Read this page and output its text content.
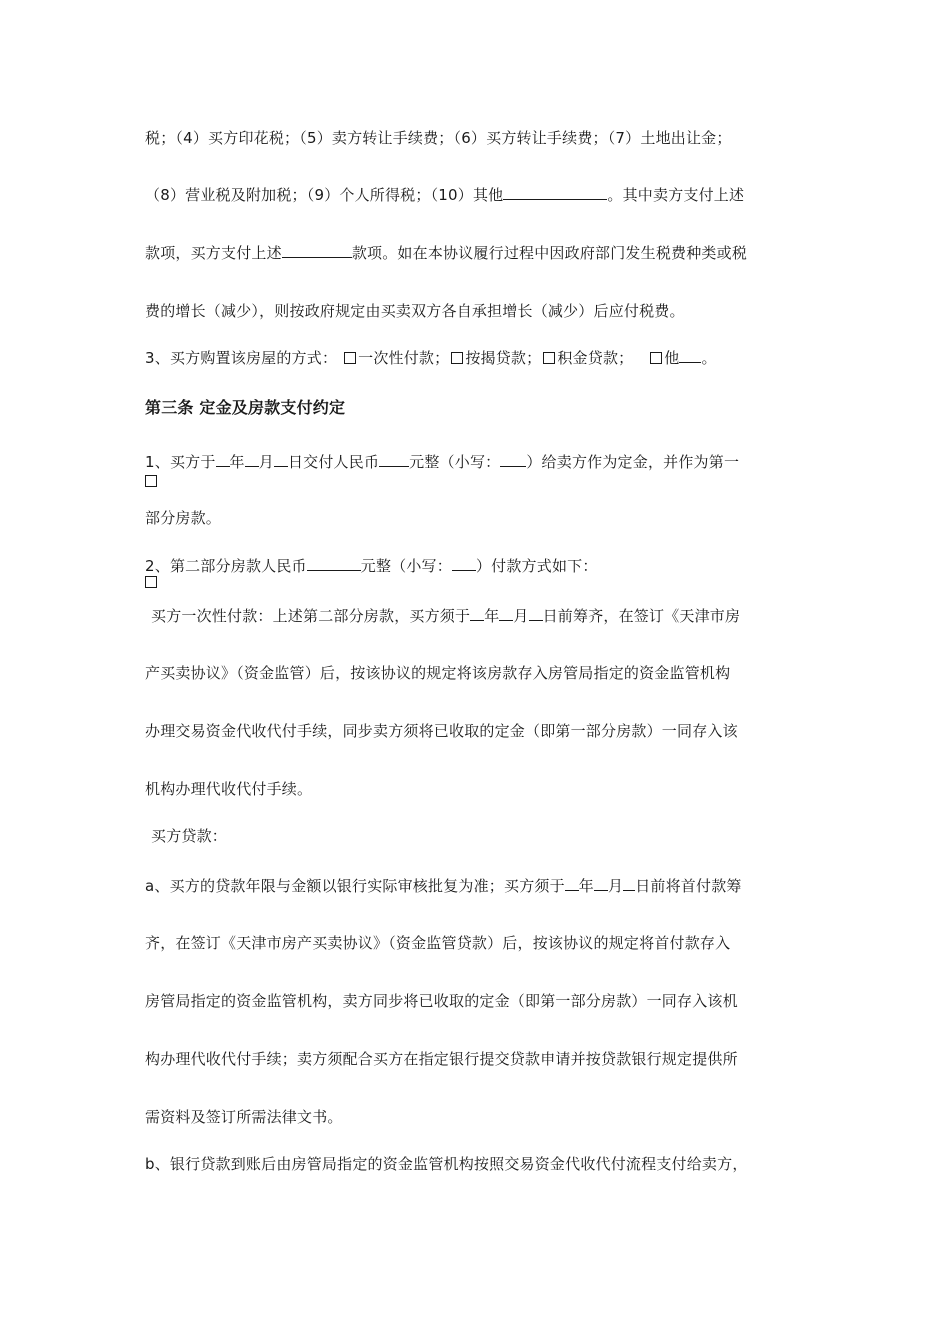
税；（4）买方印花税；（5）卖方转让手续费；（6）买方转让手续费；（7）土地出让金；
（8）营业税及附加税；（9）个人所得税；（10）其他	。其中卖方支付上述
款项，买方支付上述	款项。如在本协议履行过程中因政府部门发生税费种类或税
费的增长（减少），则按政府规定由买卖双方各自承担增长（减少）后应付税费。
3、买方购置该房屋的方式： 一次性付款； 按揭贷款； 积金贷款； 他 。
第三条 定金及房款支付约定
1、买方于 年 月 日交付人民币 元整（小写： ）给卖方作为定金，并作为第一
部分房款。
2、第二部分房款人民币	元整（小写： ）付款方式如下：
买方一次性付款：上述第二部分房款，买方须于 年 月 日前筹齐，在签订《天津市房
产买卖协议》（资金监管）后，按该协议的规定将该房款存入房管局指定的资金监管机构
办理交易资金代收代付手续，同步卖方须将已收取的定金（即第一部分房款）一同存入该
机构办理代收代付手续。
买方贷款：
a、买方的贷款年限与金额以银行实际审核批复为准；买方须于 年 月 日前将首付款筹
齐，在签订《天津市房产买卖协议》（资金监管贷款）后，按该协议的规定将首付款存入
房管局指定的资金监管机构，卖方同步将已收取的定金（即第一部分房款）一同存入该机
构办理代收代付手续；卖方须配合买方在指定银行提交贷款申请并按贷款银行规定提供所
需资料及签订所需法律文书。
b、银行贷款到账后由房管局指定的资金监管机构按照交易资金代收代付流程支付给卖方，
